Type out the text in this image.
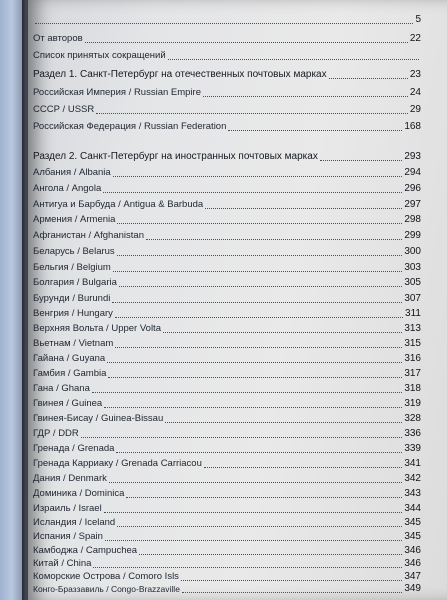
5
От авторов	22
Список принятых сокращений
Раздел 1. Санкт-Петербург на отечественных почтовых марках	23
Российская Империя / Russian Empire	24
СССР / USSR	29
Российская Федерация / Russian Federation	168
Раздел 2. Санкт-Петербург на иностранных почтовых марках	293
Албания / Albania	294
Ангола / Angola	296
Антигуа и Барбуда / Antigua & Barbuda	297
Армения / Armenia	298
Афганистан / Afghanistan	299
Беларусь / Belarus	300
Бельгия / Belgium	303
Болгария / Bulgaria	305
Бурунди / Burundi	307
Венгрия / Hungary	311
Верхняя Вольта / Upper Volta	313
Вьетнам / Vietnam	315
Гайана / Guyana	316
Гамбия / Gambia	317
Гана / Ghana	318
Гвинея / Guinea	319
Гвинея-Бисау / Guinea-Bissau	328
ГДР / DDR	336
Гренада / Grenada	339
Гренада Карриаку / Grenada Carriacou	341
Дания / Denmark	342
Доминика / Dominica	343
Израиль / Israel	344
Исландия / Iceland	345
Испания / Spain	345
Камбоджа / Campuchea	346
Китай / China	346
Коморские Острова / Comoro Isls	347
Конго-Браззавиль / Congo-Brazzaville	349
